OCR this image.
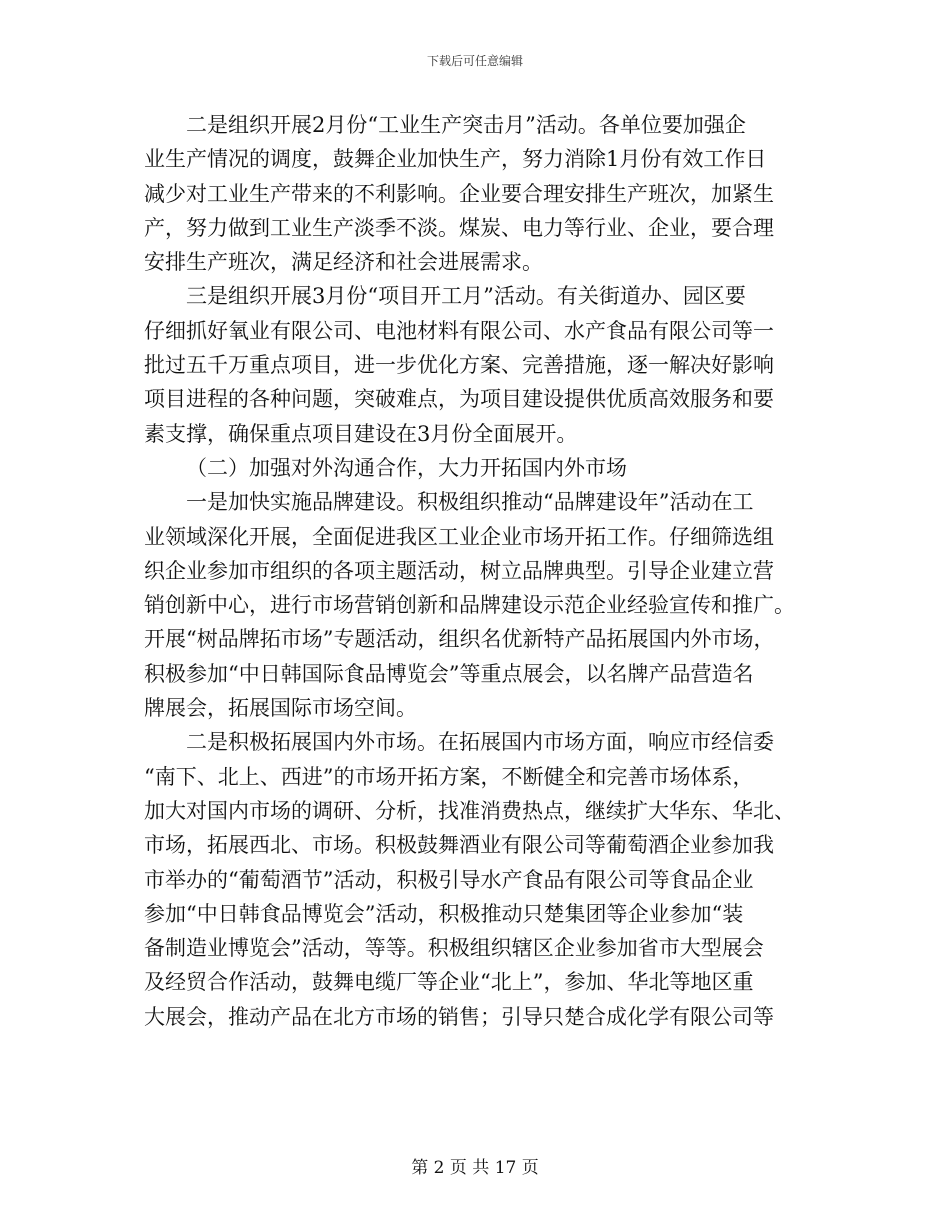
下载后可任意编辑
二是组织开展2月份“工业生产突击月”活动。各单位要加强企
业生产情况的调度，鼓舞企业加快生产，努力消除1月份有效工作日
减少对工业生产带来的不利影响。企业要合理安排生产班次，加紧生
产，努力做到工业生产淡季不淡。煤炭、电力等行业、企业，要合理
安排生产班次，满足经济和社会进展需求。
三是组织开展3月份“项目开工月”活动。有关街道办、园区要
仔细抓好氧业有限公司、电池材料有限公司、水产食品有限公司等一
批过五千万重点项目，进一步优化方案、完善措施，逐一解决好影响
项目进程的各种问题，突破难点，为项目建设提供优质高效服务和要
素支撑，确保重点项目建设在3月份全面展开。
（二）加强对外沟通合作，大力开拓国内外市场
一是加快实施品牌建设。积极组织推动“品牌建设年”活动在工
业领域深化开展，全面促进我区工业企业市场开拓工作。仔细筛选组
织企业参加市组织的各项主题活动，树立品牌典型。引导企业建立营
销创新中心，进行市场营销创新和品牌建设示范企业经验宣传和推广。
开展“树品牌拓市场”专题活动，组织名优新特产品拓展国内外市场，
积极参加“中日韩国际食品博览会”等重点展会，以名牌产品营造名
牌展会，拓展国际市场空间。
二是积极拓展国内外市场。在拓展国内市场方面，响应市经信委
“南下、北上、西进”的市场开拓方案，不断健全和完善市场体系，
加大对国内市场的调研、分析，找准消费热点，继续扩大华东、华北、
市场，拓展西北、市场。积极鼓舞酒业有限公司等葡萄酒企业参加我
市举办的“葡萄酒节”活动，积极引导水产食品有限公司等食品企业
参加“中日韩食品博览会”活动，积极推动只楚集团等企业参加“装
备制造业博览会”活动，等等。积极组织辖区企业参加省市大型展会
及经贸合作活动，鼓舞电缆厂等企业“北上”，参加、华北等地区重
大展会，推动产品在北方市场的销售；引导只楚合成化学有限公司等
第 2 页 共 17 页
